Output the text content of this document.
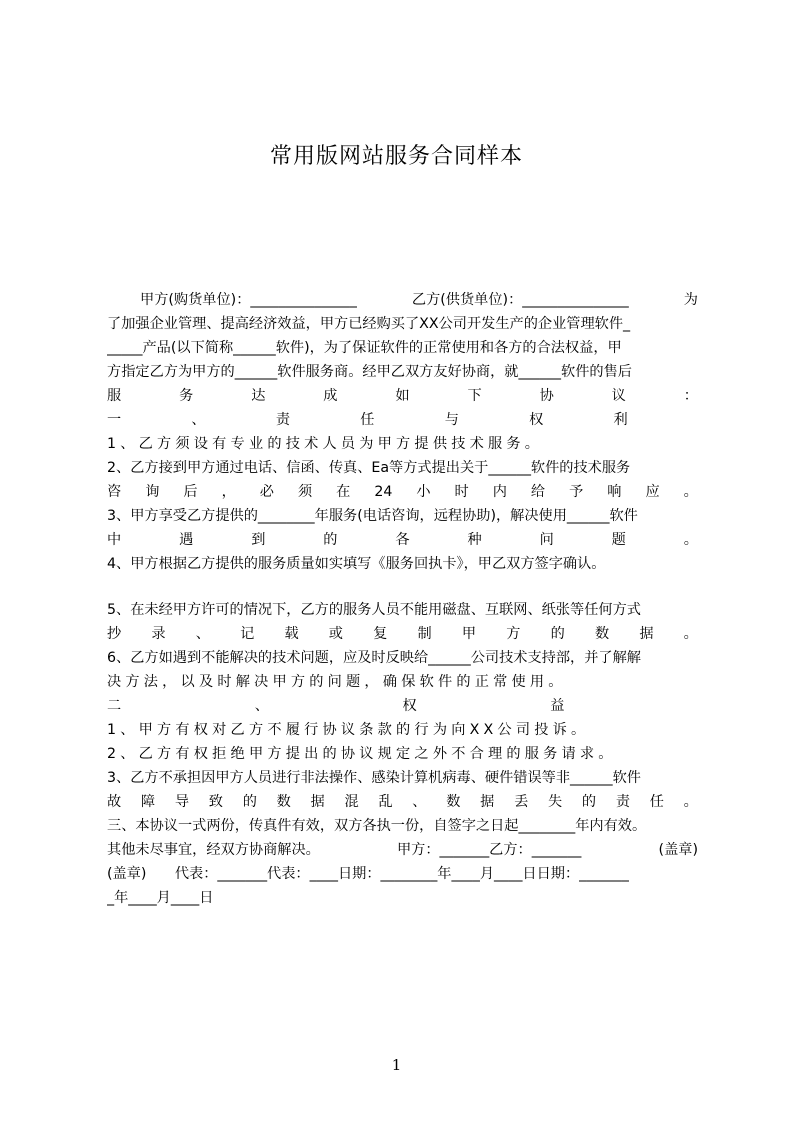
常用版网站服务合同样本
甲方(购货单位)：_______________	乙方(供货单位)：_______________	为
了加强企业管理、提高经济效益，甲方已经购买了XX公司开发生产的企业管理软件_
_____产品(以下简称______软件)，为了保证软件的正常使用和各方的合法权益，甲
方指定乙方为甲方的______软件服务商。经甲乙双方友好协商，就______软件的售后
服	务	达	成	如	下	协	议	：
一	、	责	任	与	权	利
1、乙方须设有专业的技术人员为甲方提供技术服务。
2、乙方接到甲方通过电话、信函、传真、Ea等方式提出关于______软件的技术服务
咨 询 后 ， 必 须 在 24 小 时 内 给 予 响 应 。
3、甲方享受乙方提供的________年服务(电话咨询，远程协助)，解决使用______软件
中	遇	到	的	各	种	问	题	。
4、甲方根据乙方提供的服务质量如实填写《服务回执卡》，甲乙双方签字确认。
5、在未经甲方许可的情况下，乙方的服务人员不能用磁盘、互联网、纸张等任何方式
抄 录 、 记 载 或 复 制 甲 方 的 数 据 。
6、乙方如遇到不能解决的技术问题，应及时反映给______公司技术支持部，并了解解
决方法，以及时解决甲方的问题，确保软件的正常使用。
二	、	权	益
1、甲方有权对乙方不履行协议条款的行为向XX公司投诉。
2、乙方有权拒绝甲方提出的协议规定之外不合理的服务请求。
3、乙方不承担因甲方人员进行非法操作、感染计算机病毒、硬件错误等非______软件
故 障 导 致 的 数 据 混 乱 、 数 据 丢 失 的 责 任 。
三、本协议一式两份，传真件有效，双方各执一份，自签字之日起________年内有效。
其他未尽事宜，经双方协商解决。	甲方：_______乙方：_______	(盖章)
(盖章)　　代表：_______代表：____日期：________年____月____日日期：_______
_年____月____日
1
